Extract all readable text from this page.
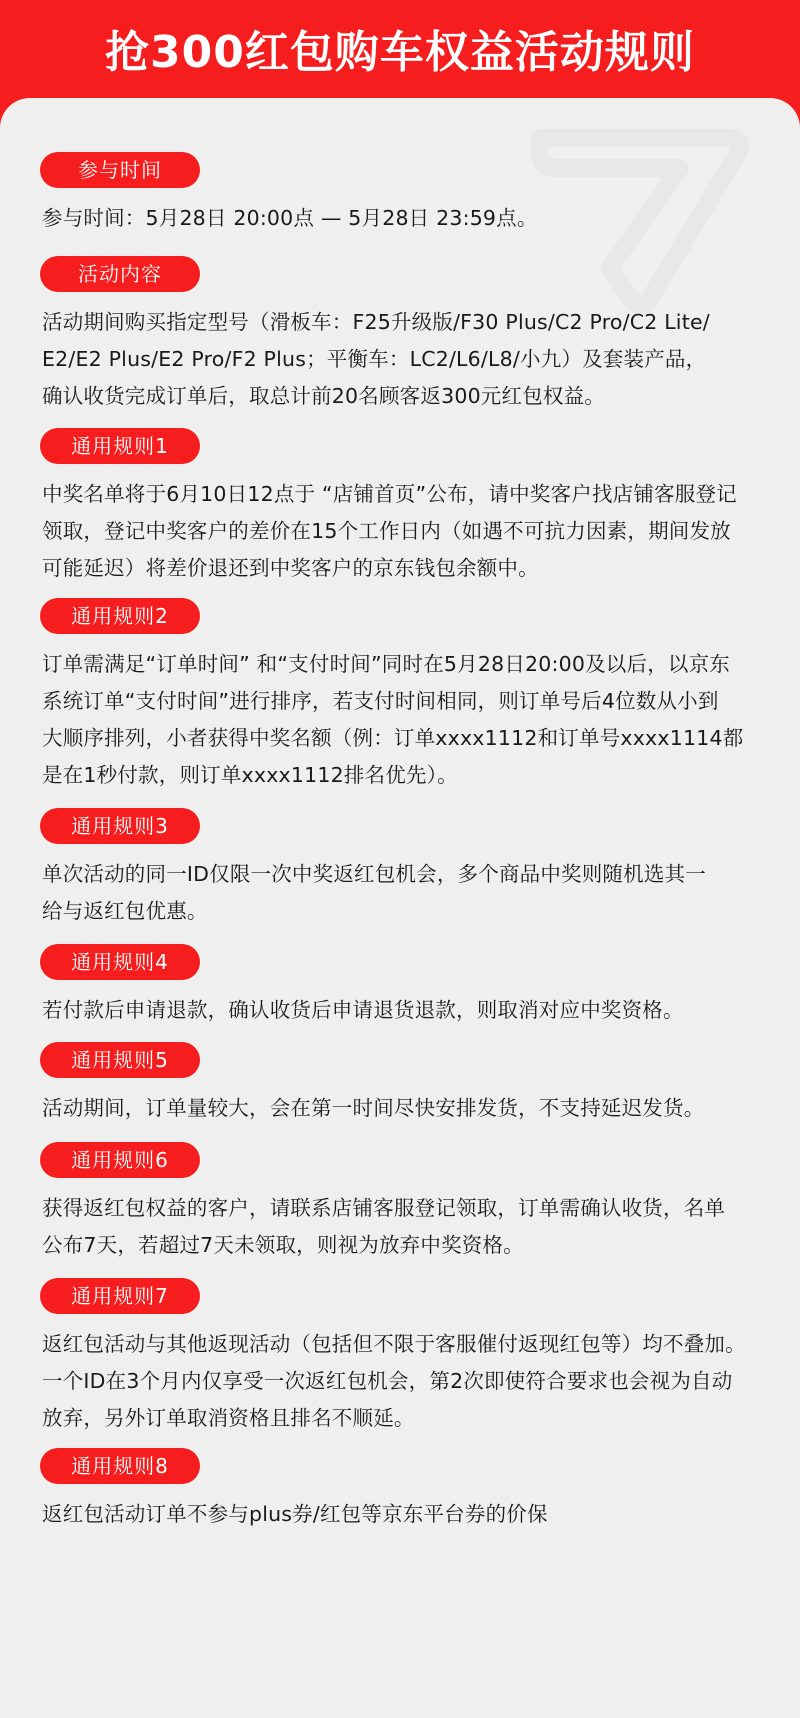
抢300红包购车权益活动规则
参与时间
参与时间：5月28日 20:00点 — 5月28日 23:59点。
活动内容
活动期间购买指定型号（滑板车：F25升级版/F30 Plus/C2 Pro/C2 Lite/
E2/E2 Plus/E2 Pro/F2 Plus；平衡车：LC2/L6/L8/小九）及套装产品，
确认收货完成订单后，取总计前20名顾客返300元红包权益。
通用规则1
中奖名单将于6月10日12点于 “店铺首页”公布，请中奖客户找店铺客服登记
领取，登记中奖客户的差价在15个工作日内（如遇不可抗力因素，期间发放
可能延迟）将差价退还到中奖客户的京东钱包余额中。
通用规则2
订单需满足“订单时间” 和“支付时间”同时在5月28日20:00及以后，以京东
系统订单“支付时间”进行排序，若支付时间相同，则订单号后4位数从小到
大顺序排列，小者获得中奖名额（例：订单xxxx1112和订单号xxxx1114都
是在1秒付款，则订单xxxx1112排名优先）。
通用规则3
单次活动的同一ID仅限一次中奖返红包机会，多个商品中奖则随机选其一
给与返红包优惠。
通用规则4
若付款后申请退款，确认收货后申请退货退款，则取消对应中奖资格。
通用规则5
活动期间，订单量较大，会在第一时间尽快安排发货，不支持延迟发货。
通用规则6
获得返红包权益的客户，请联系店铺客服登记领取，订单需确认收货，名单
公布7天，若超过7天未领取，则视为放弃中奖资格。
通用规则7
返红包活动与其他返现活动（包括但不限于客服催付返现红包等）均不叠加。
一个ID在3个月内仅享受一次返红包机会，第2次即使符合要求也会视为自动
放弃，另外订单取消资格且排名不顺延。
通用规则8
返红包活动订单不参与plus券/红包等京东平台券的价保
